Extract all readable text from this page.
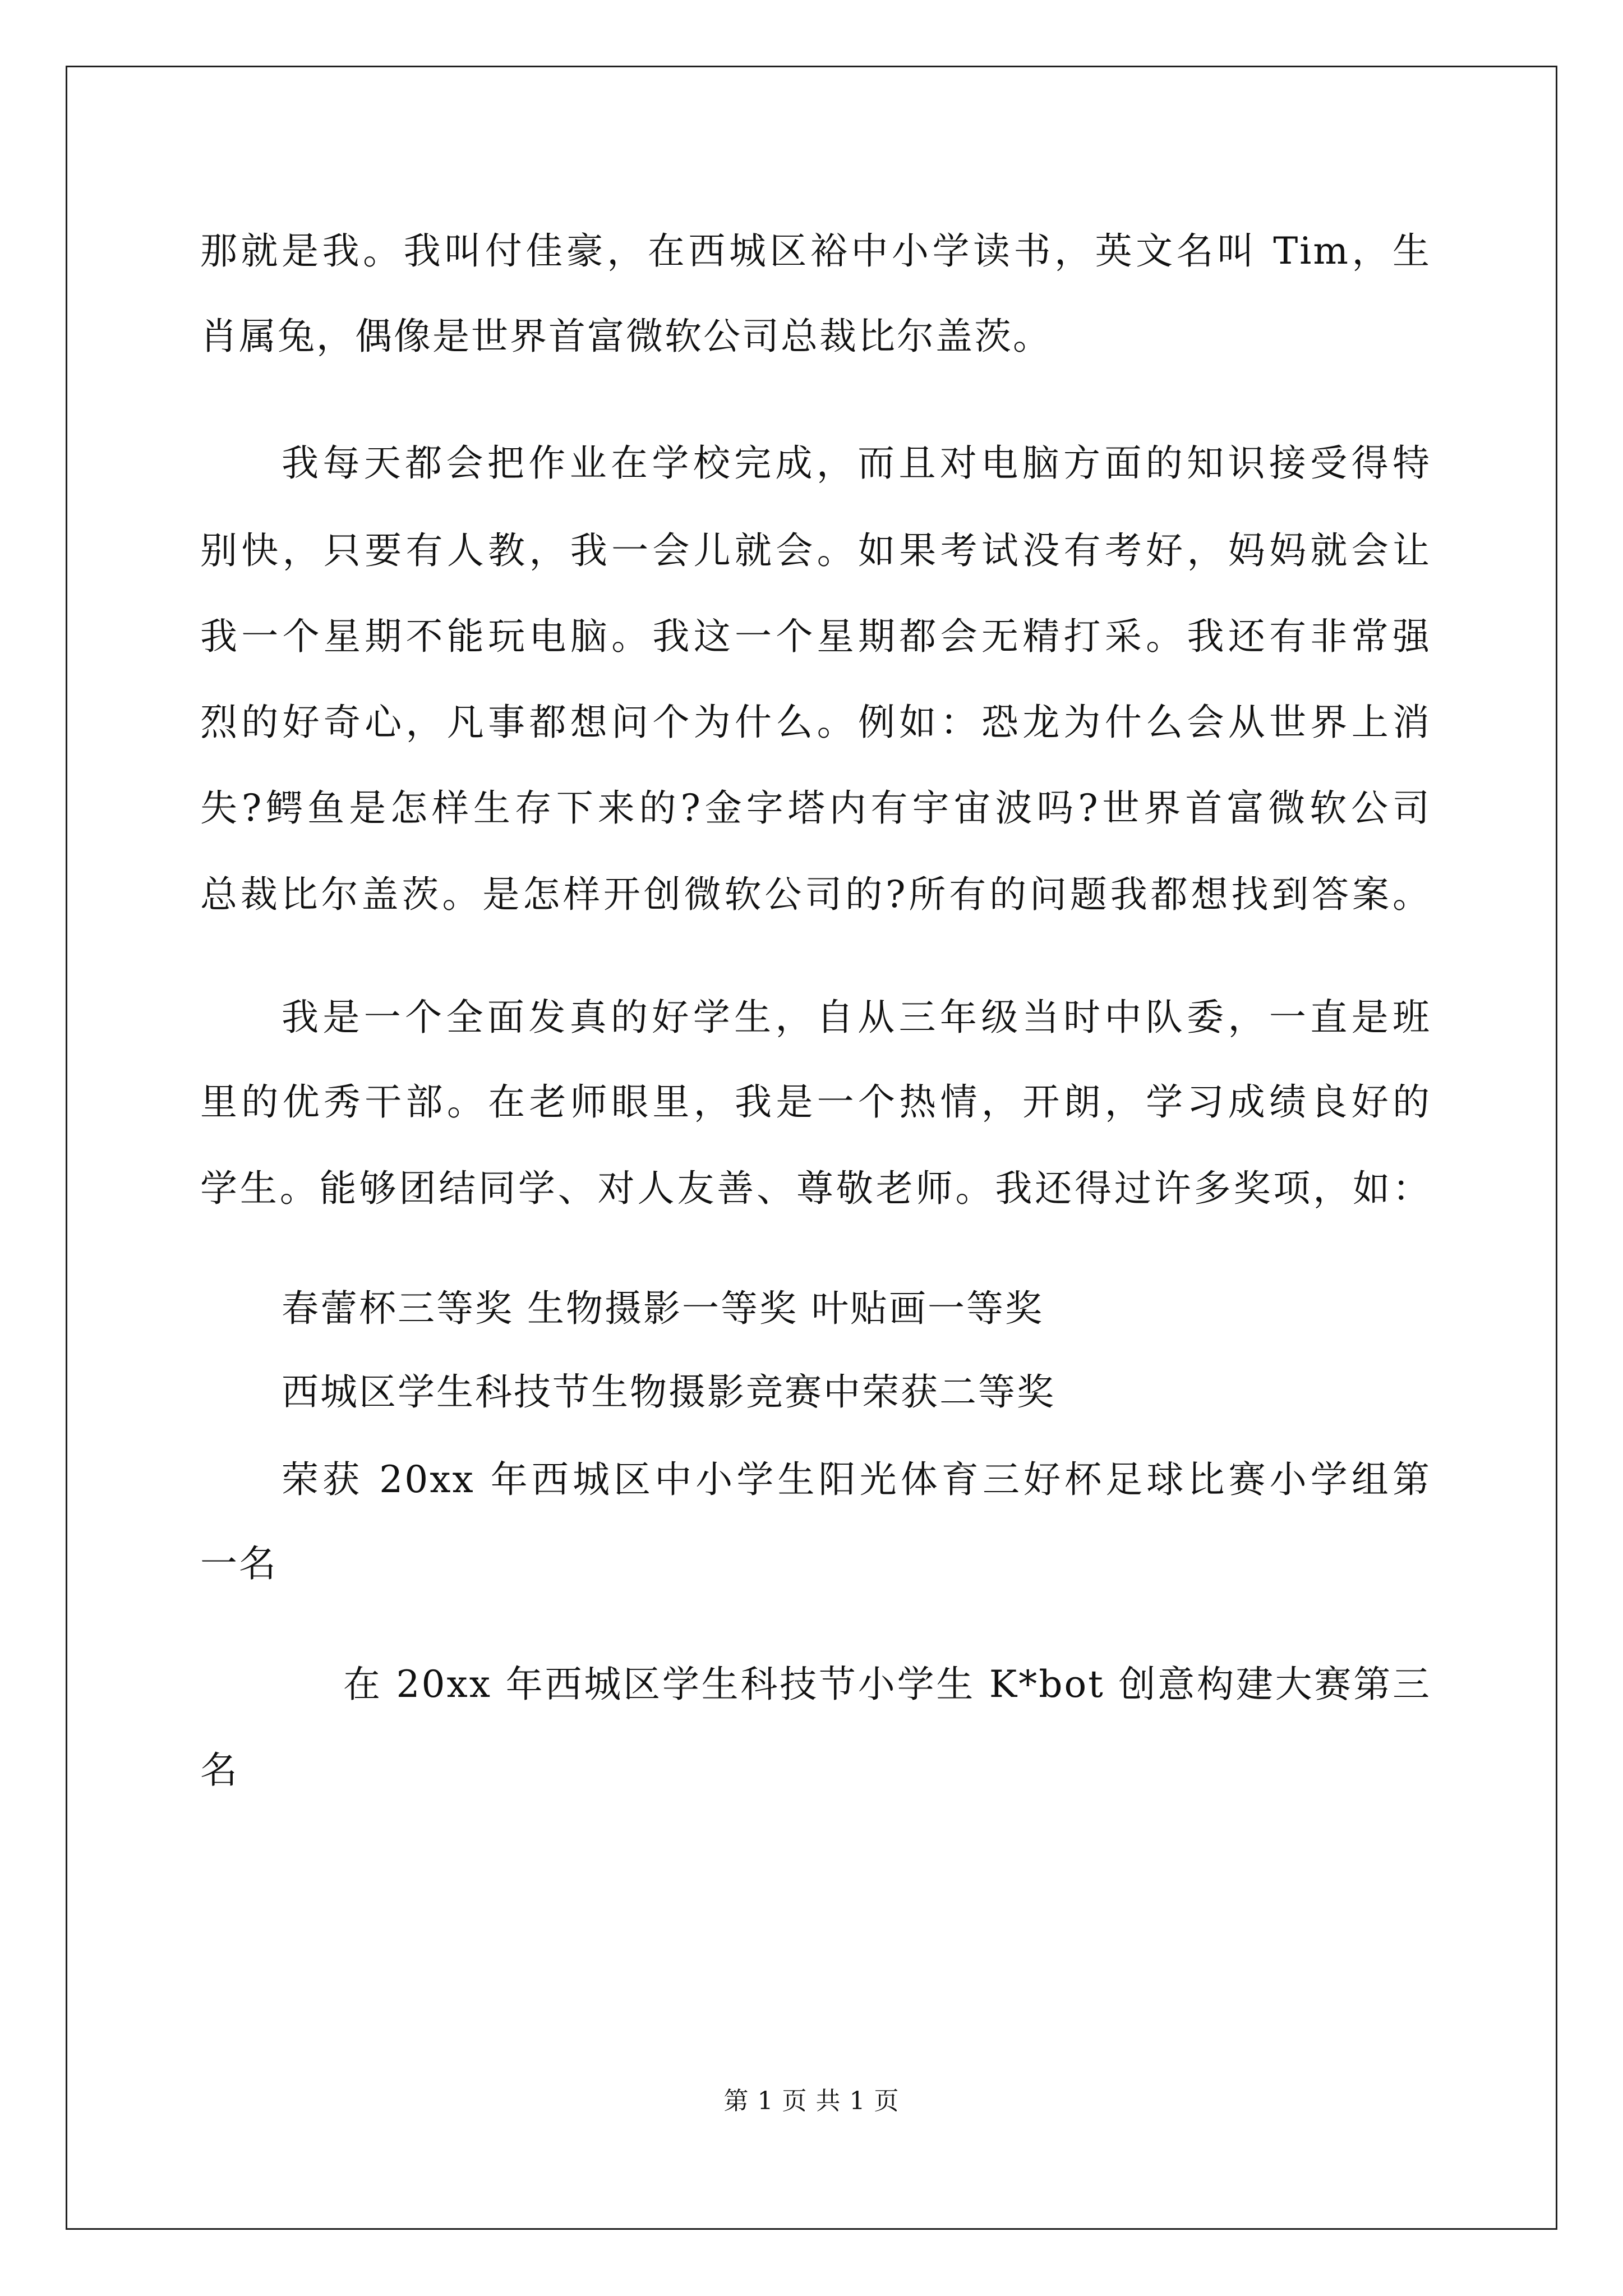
那就是我。我叫付佳豪，在西城区裕中小学读书，英文名叫 Tim，生
肖属兔，偶像是世界首富微软公司总裁比尔盖茨。
我每天都会把作业在学校完成，而且对电脑方面的知识接受得特
别快，只要有人教，我一会儿就会。如果考试没有考好，妈妈就会让
我一个星期不能玩电脑。我这一个星期都会无精打采。我还有非常强
烈的好奇心，凡事都想问个为什么。例如：恐龙为什么会从世界上消
失?鳄鱼是怎样生存下来的?金字塔内有宇宙波吗?世界首富微软公司
总裁比尔盖茨。是怎样开创微软公司的?所有的问题我都想找到答案。
我是一个全面发真的好学生，自从三年级当时中队委，一直是班
里的优秀干部。在老师眼里，我是一个热情，开朗，学习成绩良好的
学生。能够团结同学、对人友善、尊敬老师。我还得过许多奖项，如：
春蕾杯三等奖 生物摄影一等奖 叶贴画一等奖
西城区学生科技节生物摄影竞赛中荣获二等奖
荣获 20xx 年西城区中小学生阳光体育三好杯足球比赛小学组第
一名
在 20xx 年西城区学生科技节小学生 K*bot 创意构建大赛第三
名
第 1 页 共 1 页
